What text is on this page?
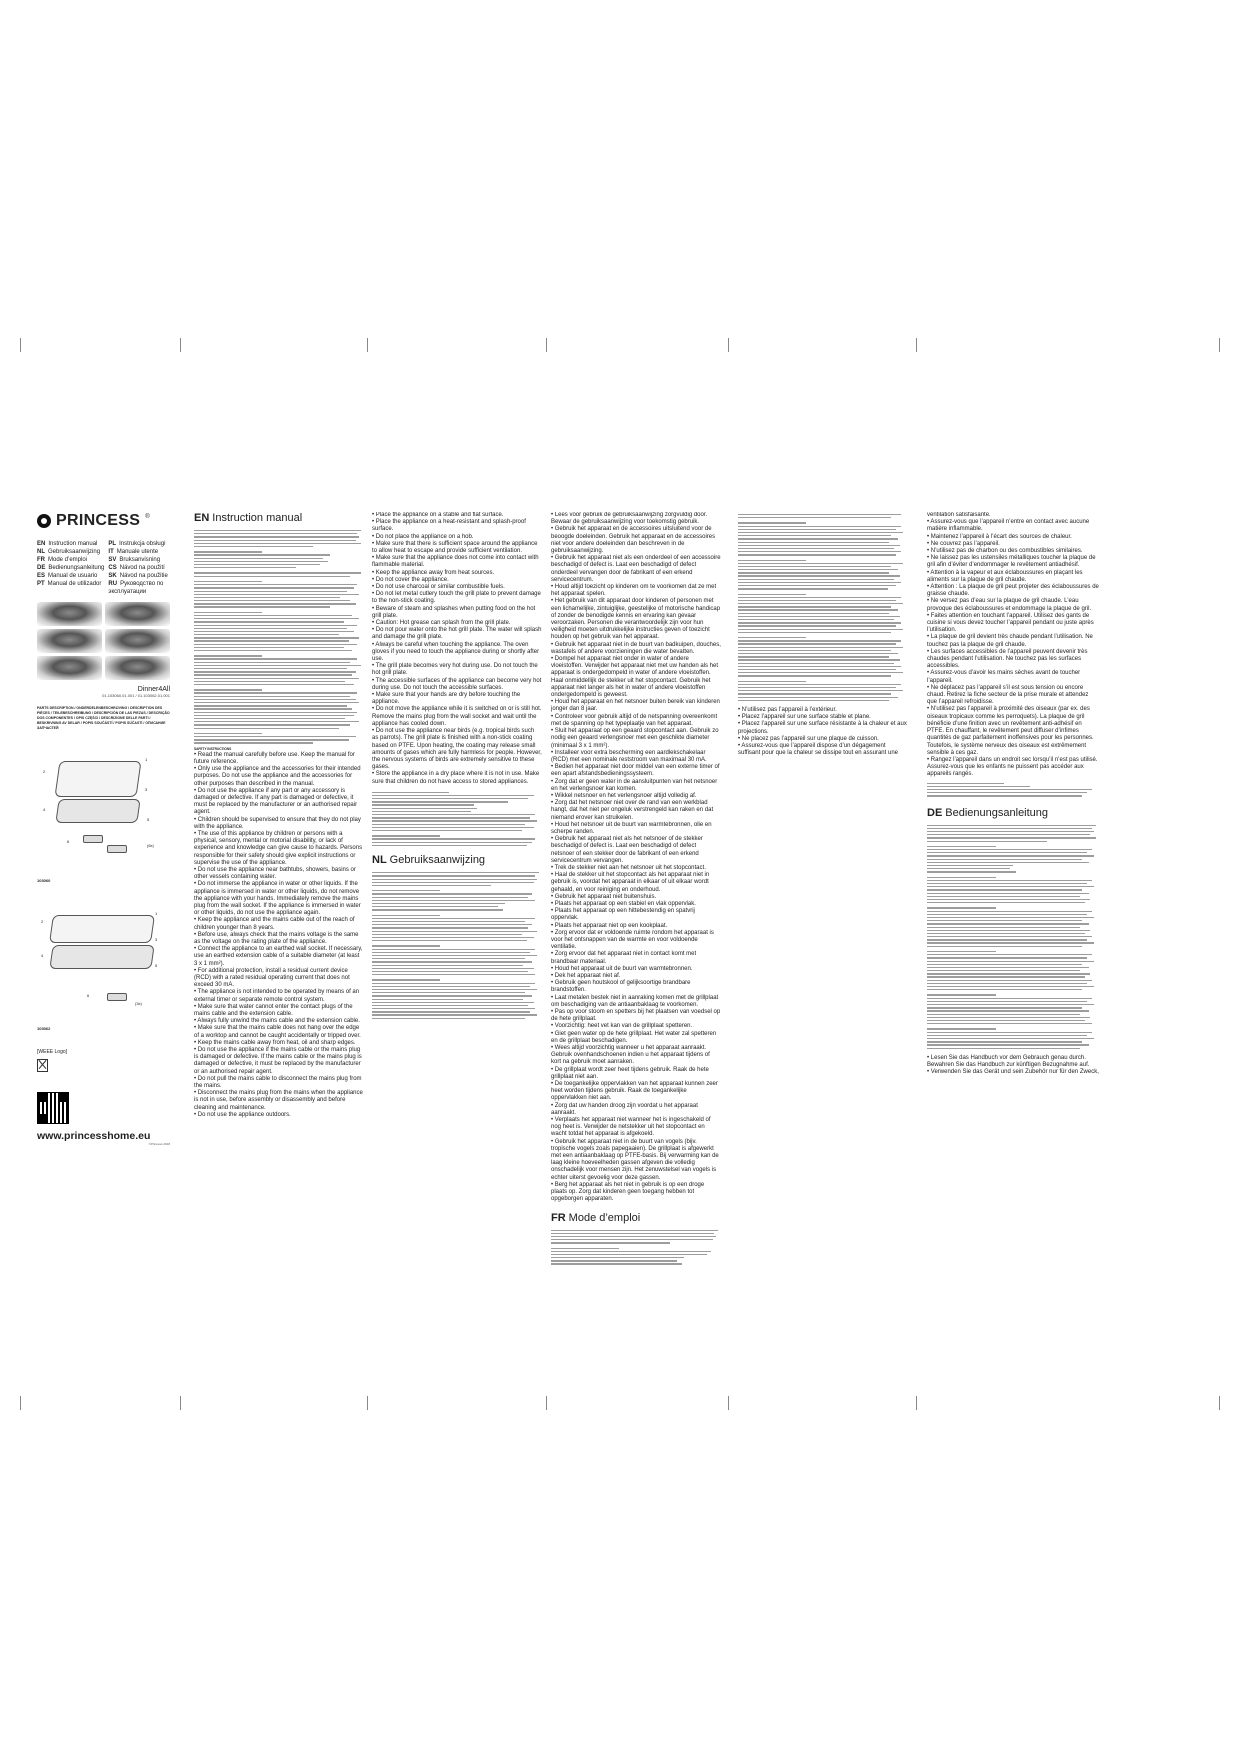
PRINCESS ®
EN Instruction manual	PL Instrukcja obsługi
NL Gebruiksaanwijzing	IT Manuale utente
FR Mode d’emploi	SV Bruksanvisning
DE Bedienungsanleitung CS Návod na použití
ES Manual de usuario	SK Návod na použitie
PT Manual de utilizador	RU Руководство по эксплуатации
Dinner4All
01.103060.01.001 / 01.103062.01.001
PARTS DESCRIPTION / ONDERDELENBESCHRIJVING / DESCRIPTION DES PIÈCES / TEILEBESCHREIBUNG / DESCRIPCIÓN DE LAS PIEZAS / DESCRIÇÃO DOS COMPONENTES / OPIS CZĘŚCI / DESCRIZIONE DELLE PARTI / BESKRIVNING AV DELAR / POPIS SOUČÁSTÍ / POPIS SÚČASTÍ / ОПИСАНИЕ ЗАПЧАСТЕЙ
1
2
3
4
5
6
(6x)
103060
1
2
3
4
5
6
(3x)
103062
[WEEE Logo]
www.princesshome.eu
©Princess 2018
EN Instruction manual
SAFETY INSTRUCTIONS
• Read the manual carefully before use. Keep the manual for future reference.
• Only use the appliance and the accessories for their intended purposes. Do not use the appliance and the accessories for other purposes than described in the manual.
• Do not use the appliance if any part or any accessory is damaged or defective. If any part is damaged or defective, it must be replaced by the manufacturer or an authorised repair agent.
• Children should be supervised to ensure that they do not play with the appliance.
• The use of this appliance by children or persons with a physical, sensory, mental or motorial disability, or lack of experience and knowledge can give cause to hazards. Persons responsible for their safety should give explicit instructions or supervise the use of the appliance.
• Do not use the appliance near bathtubs, showers, basins or other vessels containing water.
• Do not immerse the appliance in water or other liquids. If the appliance is immersed in water or other liquids, do not remove the appliance with your hands. Immediately remove the mains plug from the wall socket. If the appliance is immersed in water or other liquids, do not use the appliance again.
• Keep the appliance and the mains cable out of the reach of children younger than 8 years.
• Before use, always check that the mains voltage is the same as the voltage on the rating plate of the appliance.
• Connect the appliance to an earthed wall socket. If necessary, use an earthed extension cable of a suitable diameter (at least 3 x 1 mm²).
• For additional protection, install a residual current device (RCD) with a rated residual operating current that does not exceed 30 mA.
• The appliance is not intended to be operated by means of an external timer or separate remote control system.
• Make sure that water cannot enter the contact plugs of the mains cable and the extension cable.
• Always fully unwind the mains cable and the extension cable.
• Make sure that the mains cable does not hang over the edge of a worktop and cannot be caught accidentally or tripped over.
• Keep the mains cable away from heat, oil and sharp edges.
• Do not use the appliance if the mains cable or the mains plug is damaged or defective. If the mains cable or the mains plug is damaged or defective, it must be replaced by the manufacturer or an authorised repair agent.
• Do not pull the mains cable to disconnect the mains plug from the mains.
• Disconnect the mains plug from the mains when the appliance is not in use, before assembly or disassembly and before cleaning and maintenance.
• Do not use the appliance outdoors.
• Place the appliance on a stable and flat surface.
• Place the appliance on a heat-resistant and splash-proof surface.
• Do not place the appliance on a hob.
• Make sure that there is sufficient space around the appliance to allow heat to escape and provide sufficient ventilation.
• Make sure that the appliance does not come into contact with flammable material.
• Keep the appliance away from heat sources.
• Do not cover the appliance.
• Do not use charcoal or similar combustible fuels.
• Do not let metal cutlery touch the grill plate to prevent damage to the non-stick coating.
• Beware of steam and splashes when putting food on the hot grill plate.
• Caution: Hot grease can splash from the grill plate.
• Do not pour water onto the hot grill plate. The water will splash and damage the grill plate.
• Always be careful when touching the appliance. The oven gloves if you need to touch the appliance during or shortly after use.
• The grill plate becomes very hot during use. Do not touch the hot grill plate.
• The accessible surfaces of the appliance can become very hot during use. Do not touch the accessible surfaces.
• Make sure that your hands are dry before touching the appliance.
• Do not move the appliance while it is switched on or is still hot. Remove the mains plug from the wall socket and wait until the appliance has cooled down.
• Do not use the appliance near birds (e.g. tropical birds such as parrots). The grill plate is finished with a non-stick coating based on PTFE. Upon heating, the coating may release small amounts of gases which are fully harmless for people. However, the nervous systems of birds are extremely sensitive to these gases.
• Store the appliance in a dry place where it is not in use. Make sure that children do not have access to stored appliances.
NL Gebruiksaanwijzing
• Lees voor gebruik de gebruiksaanwijzing zorgvuldig door. Bewaar de gebruiksaanwijzing voor toekomstig gebruik.
• Gebruik het apparaat en de accessoires uitsluitend voor de beoogde doeleinden. Gebruik het apparaat en de accessoires niet voor andere doeleinden dan beschreven in de gebruiksaanwijzing.
• Gebruik het apparaat niet als een onderdeel of een accessoire beschadigd of defect is. Laat een beschadigd of defect onderdeel vervangen door de fabrikant of een erkend servicecentrum.
• Houd altijd toezicht op kinderen om te voorkomen dat ze met het apparaat spelen.
• Het gebruik van dit apparaat door kinderen of personen met een lichamelijke, zintuiglijke, geestelijke of motorische handicap of zonder de benodigde kennis en ervaring kan gevaar veroorzaken. Personen die verantwoordelijk zijn voor hun veiligheid moeten uitdrukkelijke instructies geven of toezicht houden op het gebruik van het apparaat.
• Gebruik het apparaat niet in de buurt van badkuipen, douches, wastafels of andere voorzieningen die water bevatten.
• Dompel het apparaat niet onder in water of andere vloeistoffen. Verwijder het apparaat niet met uw handen als het apparaat is ondergedompeld in water of andere vloeistoffen. Haal onmiddellijk de stekker uit het stopcontact. Gebruik het apparaat niet langer als het in water of andere vloeistoffen ondergedompeld is geweest.
• Houd het apparaat en het netsnoer buiten bereik van kinderen jonger dan 8 jaar.
• Controleer voor gebruik altijd of de netspanning overeenkomt met de spanning op het typeplaatje van het apparaat.
• Sluit het apparaat op een geaard stopcontact aan. Gebruik zo nodig een geaard verlengsnoer met een geschikte diameter (minimaal 3 x 1 mm²).
• Installeer voor extra bescherming een aardlekschakelaar (RCD) met een nominale reststroom van maximaal 30 mA.
• Bedien het apparaat niet door middel van een externe timer of een apart afstandsbedieningssysteem.
• Zorg dat er geen water in de aansluitpunten van het netsnoer en het verlengsnoer kan komen.
• Wikkel netsnoer en het verlengsnoer altijd volledig af.
• Zorg dat het netsnoer niet over de rand van een werkblad hangt, dat het niet per ongeluk verstrengeld kan raken en dat niemand erover kan struikelen.
• Houd het netsnoer uit de buurt van warmtebronnen, olie en scherpe randen.
• Gebruik het apparaat niet als het netsnoer of de stekker beschadigd of defect is. Laat een beschadigd of defect netsnoer of een stekker door de fabrikant of een erkend servicecentrum vervangen.
• Trek de stekker niet aan het netsnoer uit het stopcontact.
• Haal de stekker uit het stopcontact als het apparaat niet in gebruik is, voordat het apparaat in elkaar of uit elkaar wordt gehaald, en voor reiniging en onderhoud.
• Gebruik het apparaat niet buitenshuis.
• Plaats het apparaat op een stabiel en vlak oppervlak.
• Plaats het apparaat op een hittebestendig en spatvrij oppervlak.
• Plaats het apparaat niet op een kookplaat.
• Zorg ervoor dat er voldoende ruimte rondom het apparaat is voor het ontsnappen van de warmte en voor voldoende ventilatie.
• Zorg ervoor dat het apparaat niet in contact komt met brandbaar materiaal.
• Houd het apparaat uit de buurt van warmtebronnen.
• Dek het apparaat niet af.
• Gebruik geen houtskool of gelijksoortige brandbare brandstoffen.
• Laat metalen bestek niet in aanraking komen met de grillplaat om beschadiging van de antiaanbaklaag te voorkomen.
• Pas op voor stoom en spetters bij het plaatsen van voedsel op de hete grillplaat.
• Voorzichtig: heet vet kan van de grillplaat spetteren.
• Giet geen water op de hete grillplaat. Het water zal spetteren en de grillplaat beschadigen.
• Wees altijd voorzichtig wanneer u het apparaat aanraakt. Gebruik ovenhandschoenen indien u het apparaat tijdens of kort na gebruik moet aanraken.
• De grillplaat wordt zeer heet tijdens gebruik. Raak de hete grillplaat niet aan.
• De toegankelijke oppervlakken van het apparaat kunnen zeer heet worden tijdens gebruik. Raak de toegankelijke oppervlakken niet aan.
• Zorg dat uw handen droog zijn voordat u het apparaat aanraakt.
• Verplaats het apparaat niet wanneer het is ingeschakeld of nog heet is. Verwijder de netstekker uit het stopcontact en wacht totdat het apparaat is afgekoeld.
• Gebruik het apparaat niet in de buurt van vogels (bijv. tropische vogels zoals papegaaien). De grillplaat is afgewerkt met een antiaanbaklaag op PTFE-basis. Bij verwarming kan de laag kleine hoeveelheden gassen afgeven die volledig onschadelijk voor mensen zijn. Het zenuwstelsel van vogels is echter uiterst gevoelig voor deze gassen.
• Berg het apparaat als het niet in gebruik is op een droge plaats op. Zorg dat kinderen geen toegang hebben tot opgeborgen apparaten.
FR Mode d’emploi
• N’utilisez pas l’appareil à l’extérieur.
• Placez l’appareil sur une surface stable et plane.
• Placez l’appareil sur une surface résistante à la chaleur et aux projections.
• Ne placez pas l’appareil sur une plaque de cuisson.
• Assurez-vous que l’appareil dispose d’un dégagement suffisant pour que la chaleur se dissipe tout en assurant une
ventilation satisfaisante.
• Assurez-vous que l’appareil n’entre en contact avec aucune matière inflammable.
• Maintenez l’appareil à l’écart des sources de chaleur.
• Ne couvrez pas l’appareil.
• N’utilisez pas de charbon ou des combustibles similaires.
• Ne laissez pas les ustensiles métalliques toucher la plaque de gril afin d’éviter d’endommager le revêtement antiadhésif.
• Attention à la vapeur et aux éclaboussures en plaçant les aliments sur la plaque de gril chaude.
• Attention : La plaque de gril peut projeter des éclaboussures de graisse chaude.
• Ne versez pas d’eau sur la plaque de gril chaude. L’eau provoque des éclaboussures et endommage la plaque de gril.
• Faites attention en touchant l’appareil. Utilisez des gants de cuisine si vous devez toucher l’appareil pendant ou juste après l’utilisation.
• La plaque de gril devient très chaude pendant l’utilisation. Ne touchez pas la plaque de gril chaude.
• Les surfaces accessibles de l’appareil peuvent devenir très chaudes pendant l’utilisation. Ne touchez pas les surfaces accessibles.
• Assurez-vous d’avoir les mains sèches avant de toucher l’appareil.
• Ne déplacez pas l’appareil s’il est sous tension ou encore chaud. Retirez la fiche secteur de la prise murale et attendez que l’appareil refroidisse.
• N’utilisez pas l’appareil à proximité des oiseaux (par ex. des oiseaux tropicaux comme les perroquets). La plaque de gril bénéficie d’une finition avec un revêtement anti-adhésif en PTFE. En chauffant, le revêtement peut diffuser d’infimes quantités de gaz parfaitement inoffensives pour les personnes. Toutefois, le système nerveux des oiseaux est extrêmement sensible à ces gaz.
• Rangez l’appareil dans un endroit sec lorsqu’il n’est pas utilisé. Assurez-vous que les enfants ne puissent pas accéder aux appareils rangés.
DE Bedienungsanleitung
• Lesen Sie das Handbuch vor dem Gebrauch genau durch. Bewahren Sie das Handbuch zur künftigen Bezugnahme auf.
• Verwenden Sie das Gerät und sein Zubehör nur für den Zweck,
